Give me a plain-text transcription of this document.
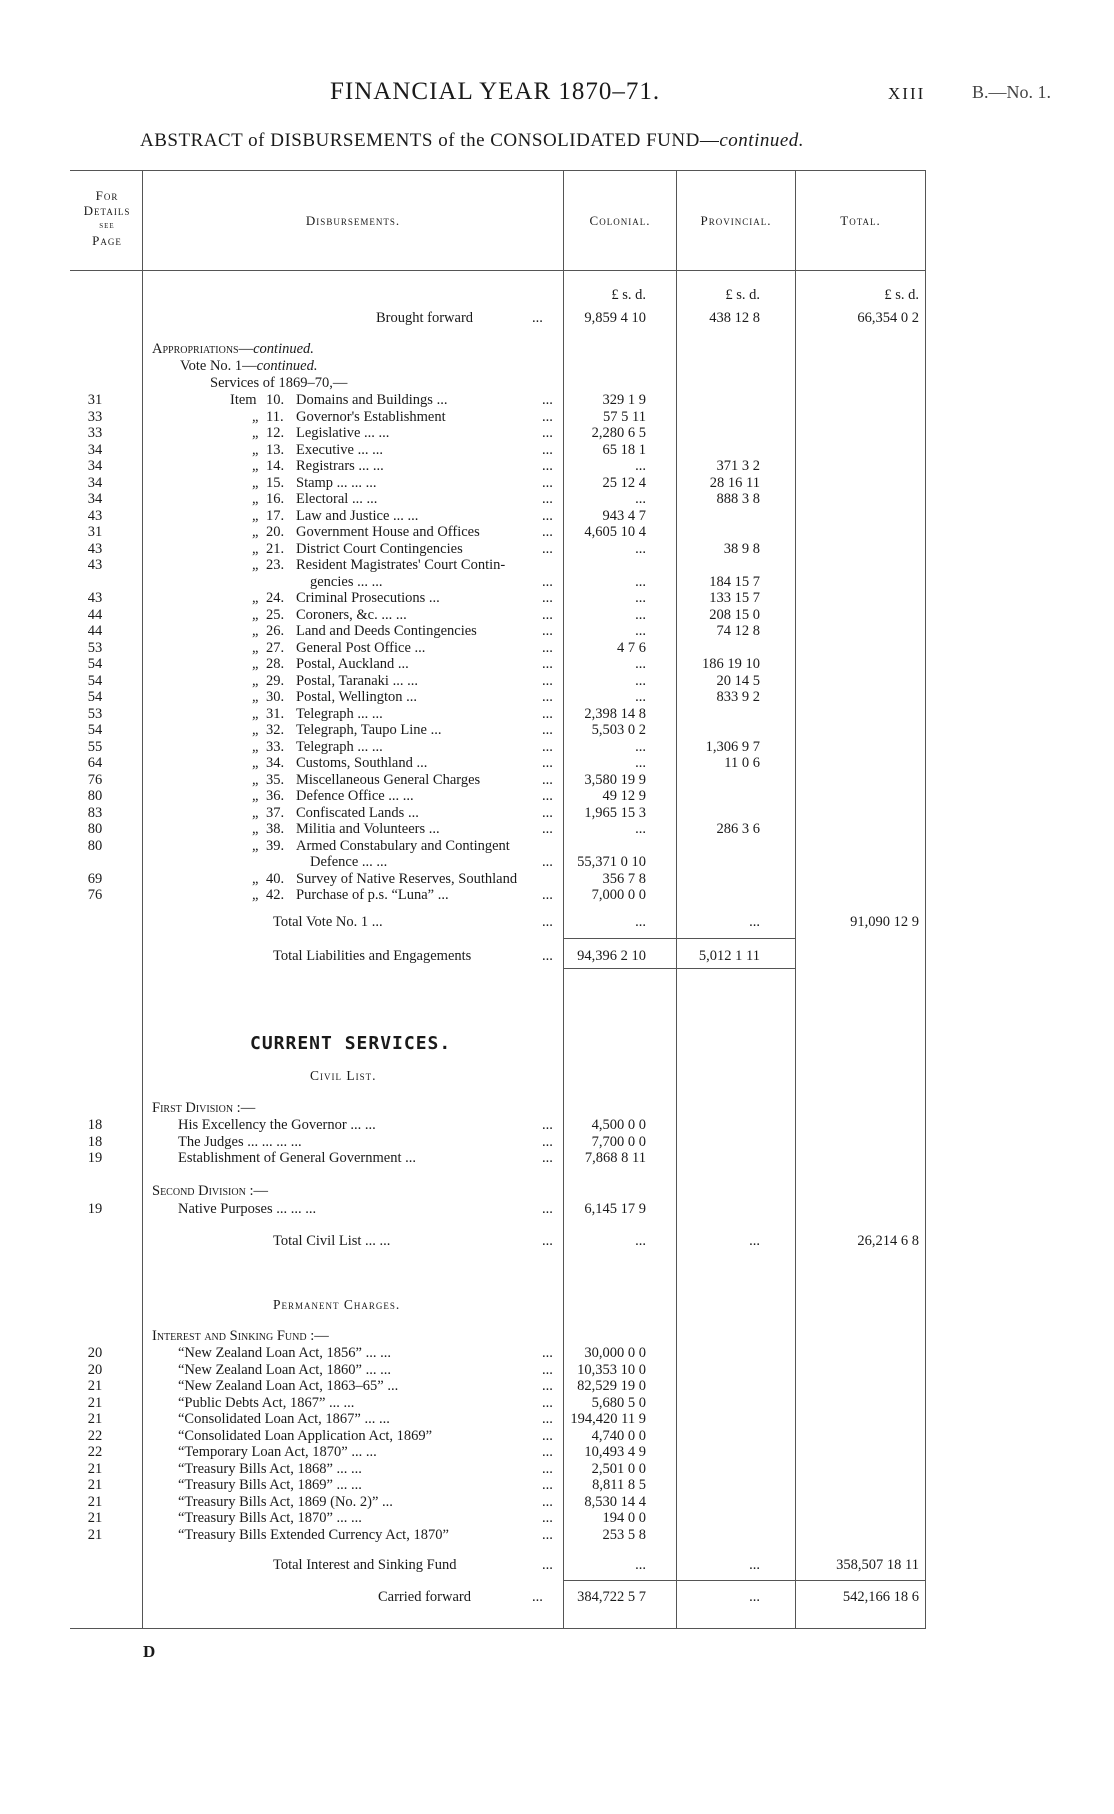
FINANCIAL YEAR 1870–71.	XIII	B.—No. 1.
ABSTRACT of DISBURSEMENTS of the CONSOLIDATED FUND—continued.
For
Details
see
Page
Disbursements.	Colonial.	Provincial.	Total.
£ s. d.	£ s. d.	£ s. d.
Brought forward	...	9,859 4 10	438 12 8	66,354 0 2
Appropriations—continued.
Vote No. 1—continued.
Services of 1869–70,—
31	Item 10. Domains and Buildings ...	...	329 1 9
33	„ 11. Governor's Establishment	...	57 5 11
33	„ 12. Legislative ... ...	...	2,280 6 5
34	„ 13. Executive ... ...	...	65 18 1
34	„ 14. Registrars ... ...	...	...	371 3 2
34	„ 15. Stamp ... ... ...	...	25 12 4	28 16 11
34	„ 16. Electoral ... ...	...	...	888 3 8
43	„ 17. Law and Justice ... ...	...	943 4 7
31	„ 20. Government House and Offices	...	4,605 10 4
43	„ 21. District Court Contingencies	...	...	38 9 8
43	„ 23. Resident Magistrates' Court Contin-
gencies ... ...	...	...	184 15 7
43	„ 24. Criminal Prosecutions ...	...	...	133 15 7
44	„ 25. Coroners, &c. ... ...	...	...	208 15 0
44	„ 26. Land and Deeds Contingencies	...	...	74 12 8
53	„ 27. General Post Office ...	...	4 7 6
54	„ 28. Postal, Auckland ...	...	...	186 19 10
54	„ 29. Postal, Taranaki ... ...	...	...	20 14 5
54	„ 30. Postal, Wellington ...	...	...	833 9 2
53	„ 31. Telegraph ... ...	...	2,398 14 8
54	„ 32. Telegraph, Taupo Line ...	...	5,503 0 2
55	„ 33. Telegraph ... ...	...	...	1,306 9 7
64	„ 34. Customs, Southland ...	...	...	11 0 6
76	„ 35. Miscellaneous General Charges	...	3,580 19 9
80	„ 36. Defence Office ... ...	...	49 12 9
83	„ 37. Confiscated Lands ...	...	1,965 15 3
80	„ 38. Militia and Volunteers ...	...	...	286 3 6
80	„ 39. Armed Constabulary and Contingent
Defence ... ...	...	55,371 0 10
69	„ 40. Survey of Native Reserves, Southland	356 7 8
76	„ 42. Purchase of p.s. “Luna” ...	...	7,000 0 0
Total Vote No. 1 ...	...	...	...	91,090 12 9
Total Liabilities and Engagements	...	94,396 2 10	5,012 1 11
CURRENT SERVICES.
Civil List.
First Division :—
18	His Excellency the Governor ... ...	...	4,500 0 0
18	The Judges ... ... ... ...	...	7,700 0 0
19	Establishment of General Government ...	...	7,868 8 11
Second Division :—
19	Native Purposes ... ... ...	...	6,145 17 9
Total Civil List ... ...	...	...	...	26,214 6 8
Permanent Charges.
Interest and Sinking Fund :—
20	“New Zealand Loan Act, 1856” ... ...	...	30,000 0 0
20	“New Zealand Loan Act, 1860” ... ...	...	10,353 10 0
21	“New Zealand Loan Act, 1863–65” ...	...	82,529 19 0
21	“Public Debts Act, 1867” ... ...	...	5,680 5 0
21	“Consolidated Loan Act, 1867” ... ...	...	194,420 11 9
22	“Consolidated Loan Application Act, 1869”	...	4,740 0 0
22	“Temporary Loan Act, 1870” ... ...	...	10,493 4 9
21	“Treasury Bills Act, 1868” ... ...	...	2,501 0 0
21	“Treasury Bills Act, 1869” ... ...	...	8,811 8 5
21	“Treasury Bills Act, 1869 (No. 2)” ...	...	8,530 14 4
21	“Treasury Bills Act, 1870” ... ...	...	194 0 0
21	“Treasury Bills Extended Currency Act, 1870”	...	253 5 8
Total Interest and Sinking Fund	...	...	...	358,507 18 11
Carried forward	...	384,722 5 7	...	542,166 18 6
D
